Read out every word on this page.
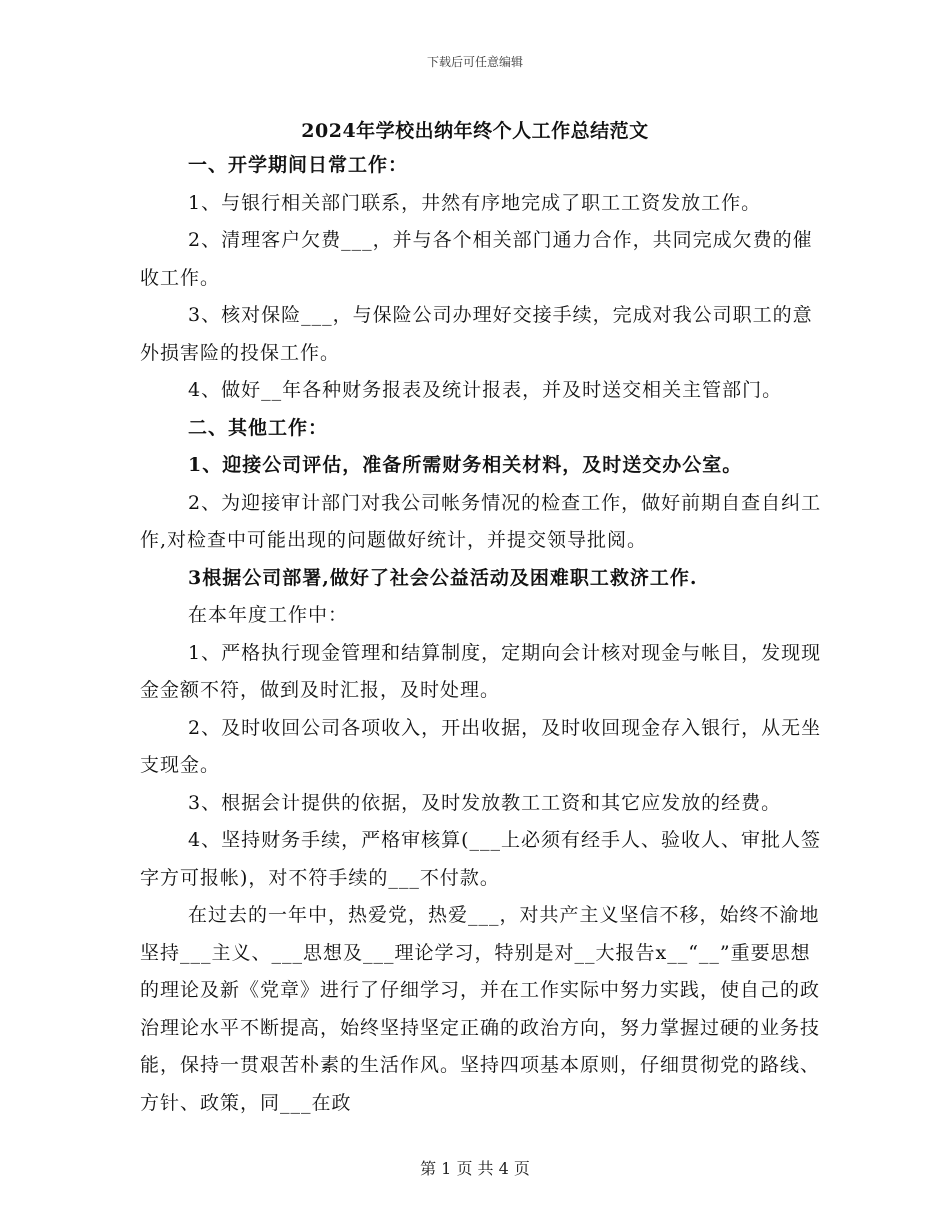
下载后可任意编辑
2024年学校出纳年终个人工作总结范文

一、开学期间日常工作：

1、与银行相关部门联系，井然有序地完成了职工工资发放工作。

2、清理客户欠费___，并与各个相关部门通力合作，共同完成欠费的催收工作。

3、核对保险___，与保险公司办理好交接手续，完成对我公司职工的意外损害险的投保工作。

4、做好__年各种财务报表及统计报表，并及时送交相关主管部门。

二、其他工作：

1、迎接公司评估，准备所需财务相关材料，及时送交办公室。

2、为迎接审计部门对我公司帐务情况的检查工作，做好前期自查自纠工作,对检查中可能出现的问题做好统计，并提交领导批阅。

3根据公司部署,做好了社会公益活动及困难职工救济工作.

在本年度工作中：

1、严格执行现金管理和结算制度，定期向会计核对现金与帐目，发现现金金额不符，做到及时汇报，及时处理。

2、及时收回公司各项收入，开出收据，及时收回现金存入银行，从无坐支现金。

3、根据会计提供的依据，及时发放教工工资和其它应发放的经费。

4、坚持财务手续，严格审核算(___上必须有经手人、验收人、审批人签字方可报帐)，对不符手续的___不付款。

在过去的一年中，热爱党，热爱___，对共产主义坚信不移，始终不渝地坚持___主义、___思想及___理论学习，特别是对__大报告x__“__”重要思想的理论及新《党章》进行了仔细学习，并在工作实际中努力实践，使自己的政治理论水平不断提高，始终坚持坚定正确的政治方向，努力掌握过硬的业务技能，保持一贯艰苦朴素的生活作风。坚持四项基本原则，仔细贯彻党的路线、方针、政策，同___在政

第 1 页 共 4 页
